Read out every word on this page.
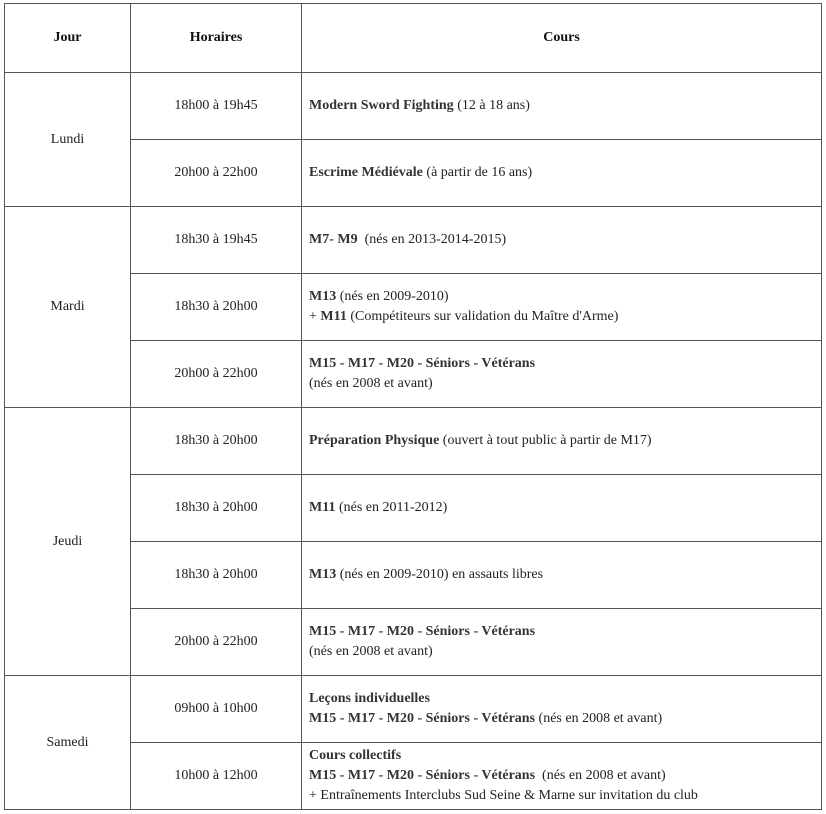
Jour	Horaires	Cours
Lundi	18h00 à 19h45	Modern Sword Fighting (12 à 18 ans)

	20h00 à 22h00	Escrime Médiévale (à partir de 16 ans)

Mardi	18h30 à 19h45	M7- M9  (nés en 2013-2014-2015)

	18h30 à 20h00	M13 (nés en 2009-2010)
+ M11 (Compétiteurs sur validation du Maître d'Arme)

	20h00 à 22h00	M15 - M17 - M20 - Séniors - Vétérans
(nés en 2008 et avant)

Jeudi	18h30 à 20h00	Préparation Physique (ouvert à tout public à partir de M17)

	18h30 à 20h00	M11 (nés en 2011-2012)

	18h30 à 20h00	M13 (nés en 2009-2010) en assauts libres

	20h00 à 22h00	M15 - M17 - M20 - Séniors - Vétérans
(nés en 2008 et avant)

Samedi	09h00 à 10h00	Leçons individuelles
M15 - M17 - M20 - Séniors - Vétérans (nés en 2008 et avant)

	10h00 à 12h00	Cours collectifs
M15 - M17 - M20 - Séniors - Vétérans  (nés en 2008 et avant)
+ Entraînements Interclubs Sud Seine & Marne sur invitation du club
